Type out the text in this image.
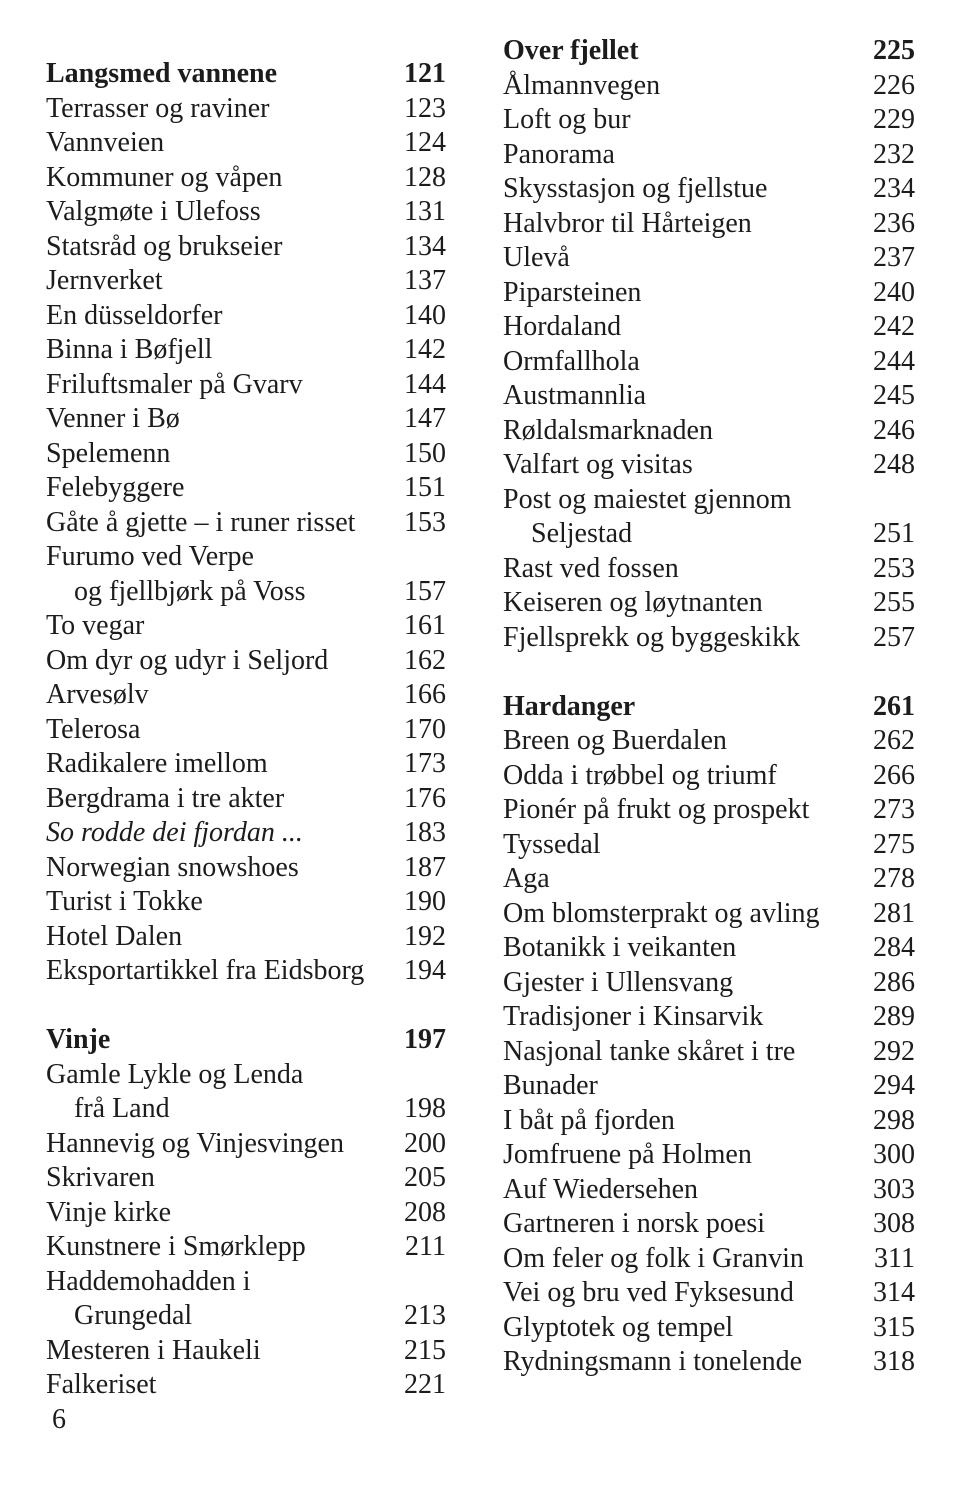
Langsmed vannene	121
Terrasser og raviner	123
Vannveien	124
Kommuner og våpen	128
Valgmøte i Ulefoss	131
Statsråd og brukseier	134
Jernverket	137
En düsseldorfer	140
Binna i Bøfjell	142
Friluftsmaler på Gvarv	144
Venner i Bø	147
Spelemenn	150
Felebyggere	151
Gåte å gjette – i runer risset 153
Furumo ved Verpe
og fjellbjørk på Voss	157
To vegar	161
Om dyr og udyr i Seljord	162
Arvesølv	166
Telerosa	170
Radikalere imellom	173
Bergdrama i tre akter	176
So rodde dei fjordan ...	183
Norwegian snowshoes	187
Turist i Tokke	190
Hotel Dalen	192
Eksportartikkel fra Eidsborg 194
Vinje	197
Gamle Lykle og Lenda
frå Land	198
Hannevig og Vinjesvingen 200
Skrivaren	205
Vinje kirke	208
Kunstnere i Smørklepp	211
Haddemohadden i
Grungedal	213
Mesteren i Haukeli	215
Falkeriset	221
Over fjellet	225
Ålmannvegen	226
Loft og bur	229
Panorama	232
Skysstasjon og fjellstue	234
Halvbror til Hårteigen	236
Ulevå	237
Piparsteinen	240
Hordaland	242
Ormfallhola	244
Austmannlia	245
Røldalsmarknaden	246
Valfart og visitas	248
Post og maiestet gjennom
Seljestad	251
Rast ved fossen	253
Keiseren og løytnanten	255
Fjellsprekk og byggeskikk	257
Hardanger	261
Breen og Buerdalen	262
Odda i trøbbel og triumf	266
Pionér på frukt og prospekt 273
Tyssedal	275
Aga	278
Om blomsterprakt og avling 281
Botanikk i veikanten	284
Gjester i Ullensvang	286
Tradisjoner i Kinsarvik	289
Nasjonal tanke skåret i tre	292
Bunader	294
I båt på fjorden	298
Jomfruene på Holmen	300
Auf Wiedersehen	303
Gartneren i norsk poesi	308
Om feler og folk i Granvin	311
Vei og bru ved Fyksesund	314
Glyptotek og tempel	315
Rydningsmann i tonelende	318
6
